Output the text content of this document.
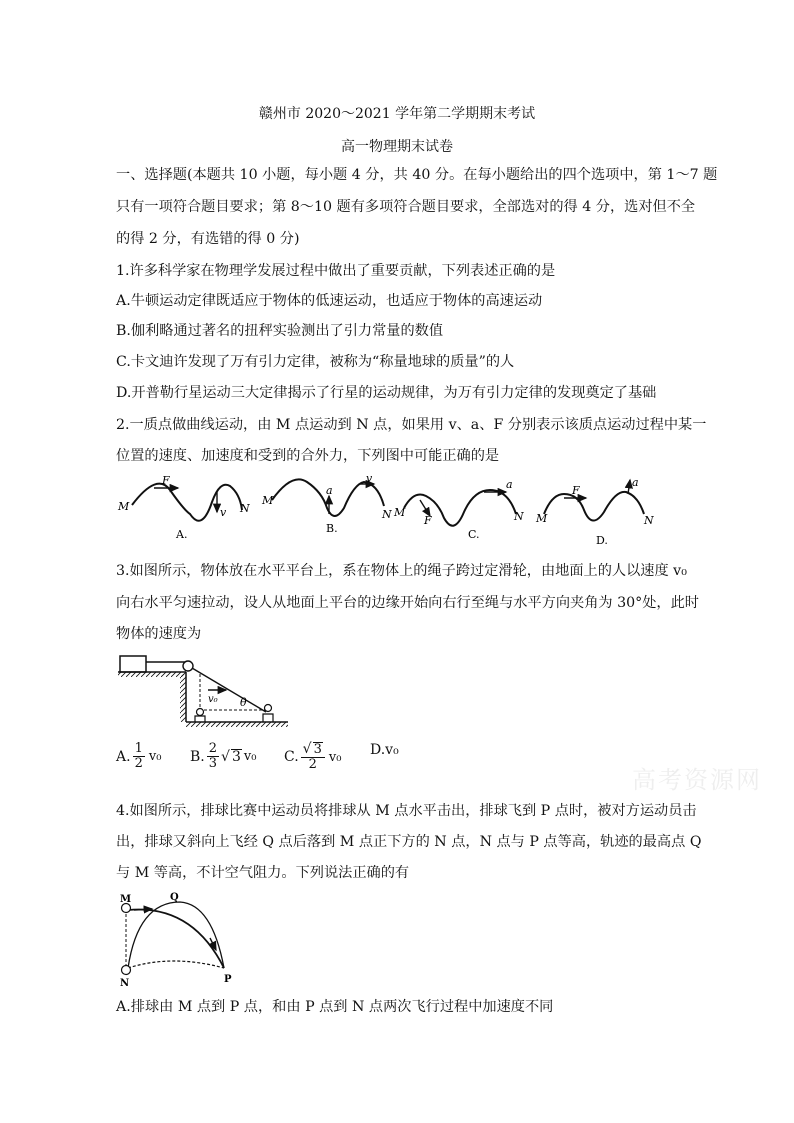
赣州市 2020～2021 学年第二学期期末考试
高一物理期末试卷
一、选择题(本题共 10 小题，每小题 4 分，共 40 分。在每小题给出的四个选项中，第 1～7 题
只有一项符合题目要求；第 8～10 题有多项符合题目要求，全部选对的得 4 分，选对但不全
的得 2 分，有选错的得 0 分)
1.许多科学家在物理学发展过程中做出了重要贡献，下列表述正确的是
A.牛顿运动定律既适应于物体的低速运动，也适应于物体的高速运动
B.伽利略通过著名的扭秤实验测出了引力常量的数值
C.卡文迪许发现了万有引力定律，被称为“称量地球的质量”的人
D.开普勒行星运动三大定律揭示了行星的运动规律，为万有引力定律的发现奠定了基础
2.一质点做曲线运动，由 M 点运动到 N 点，如果用 v、a、F 分别表示该质点运动过程中某一
位置的速度、加速度和受到的合外力，下列图中可能正确的是
M
F
v N
A.
M
a
v
N
B.
M
F
a
N
C.
M
F
a
N
D.
3.如图所示，物体放在水平平台上，系在物体上的绳子跨过定滑轮，由地面上的人以速度 v₀
向右水平匀速拉动，设人从地面上平台的边缘开始向右行至绳与水平方向夹角为 30°处，此时
物体的速度为
v₀ θ
A. $\frac{1}{2} v_0$ B. $\frac{2}{3}$ √ 3 v₀ C. $\frac{√ 3}{2} v_0$ D.v₀
高考资源网
4.如图所示，排球比赛中运动员将排球从 M 点水平击出，排球飞到 P 点时，被对方运动员击
出，排球又斜向上飞经 Q 点后落到 M 点正下方的 N 点，N 点与 P 点等高，轨迹的最高点 Q
与 M 等高，不计空气阻力。下列说法正确的有
M	Q
N	P
A.排球由 M 点到 P 点，和由 P 点到 N 点两次飞行过程中加速度不同
